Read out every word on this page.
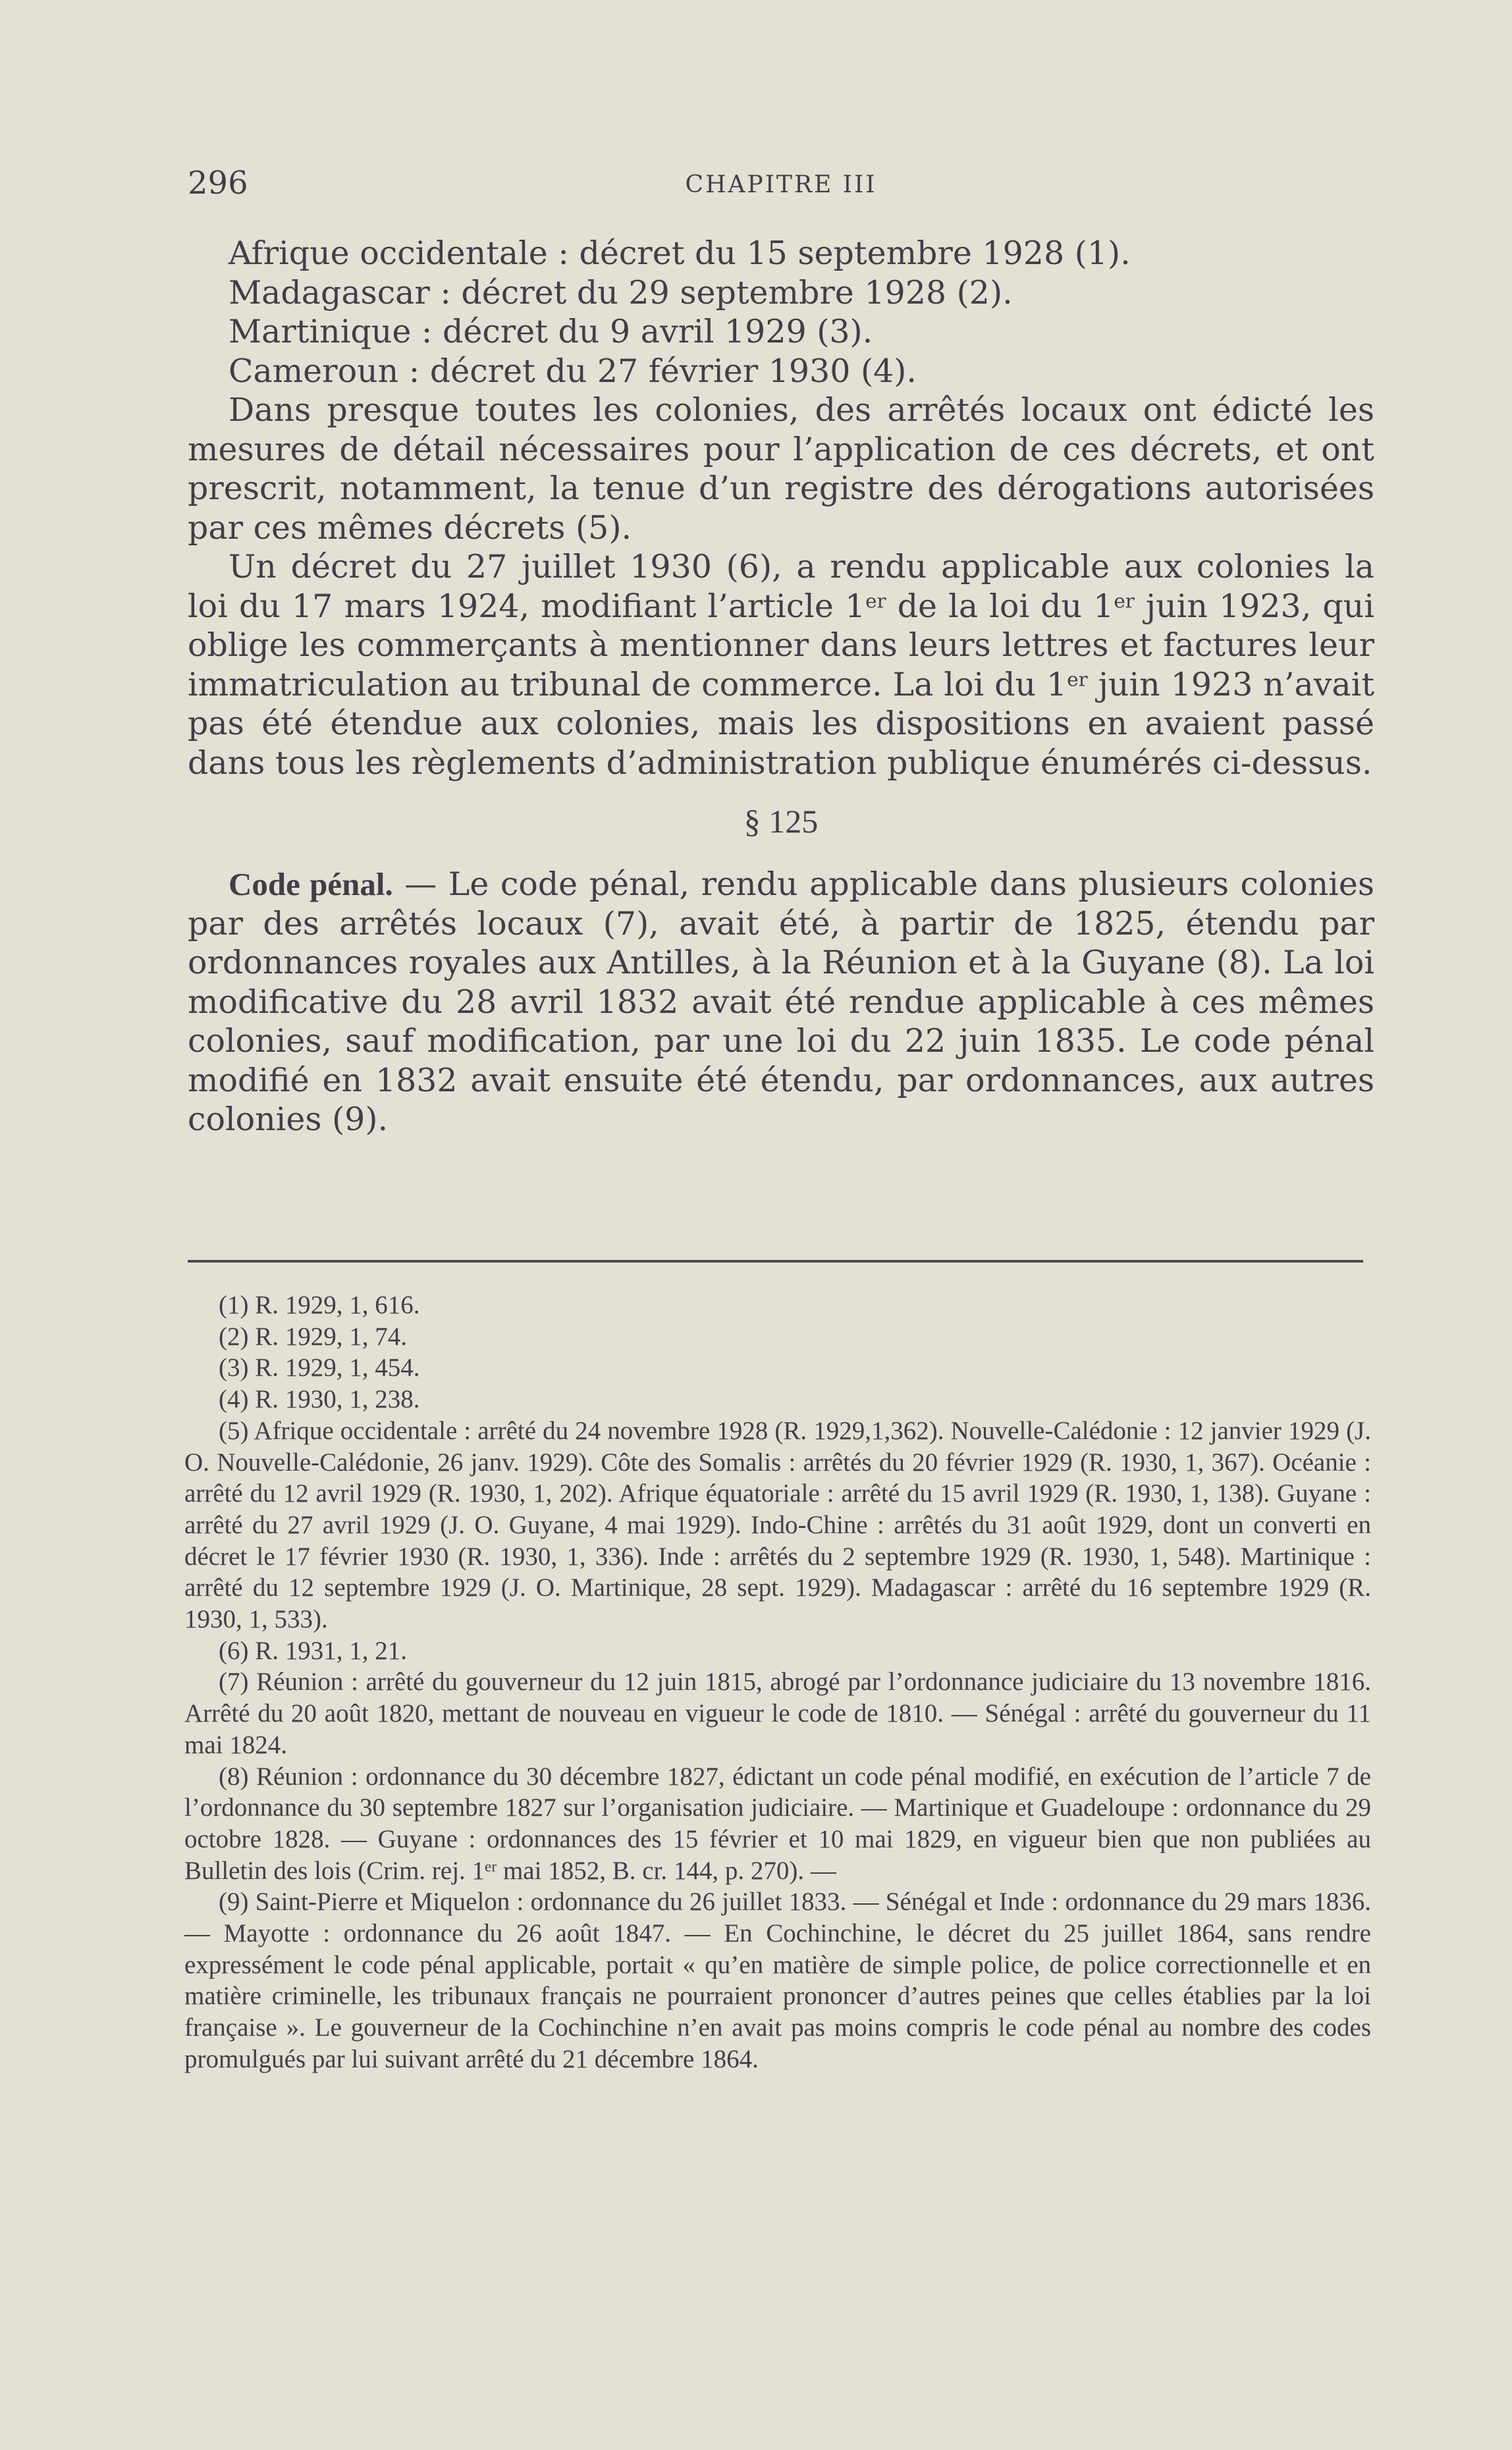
296	CHAPITRE III

Afrique occidentale : décret du 15 septembre 1928 (1).

Madagascar : décret du 29 septembre 1928 (2).

Martinique : décret du 9 avril 1929 (3).

Cameroun : décret du 27 février 1930 (4).

Dans presque toutes les colonies, des arrêtés locaux ont édicté les mesures de détail nécessaires pour l’application de ces décrets, et ont prescrit, notamment, la tenue d’un registre des dérogations autorisées par ces mêmes décrets (5).

Un décret du 27 juillet 1930 (6), a rendu applicable aux colonies la loi du 17 mars 1924, modifiant l’article 1er de la loi du 1er juin 1923, qui oblige les commerçants à mentionner dans leurs lettres et factures leur immatriculation au tribunal de commerce. La loi du 1er juin 1923 n’avait pas été étendue aux colonies, mais les dispositions en avaient passé dans tous les règlements d’administration publique énumérés ci-dessus.

§ 125

Code pénal. — Le code pénal, rendu applicable dans plusieurs colonies par des arrêtés locaux (7), avait été, à partir de 1825, étendu par ordonnances royales aux Antilles, à la Réunion et à la Guyane (8). La loi modificative du 28 avril 1832 avait été rendue applicable à ces mêmes colonies, sauf modification, par une loi du 22 juin 1835. Le code pénal modifié en 1832 avait ensuite été étendu, par ordonnances, aux autres colonies (9).

(1) R. 1929, 1, 616.

(2) R. 1929, 1, 74.

(3) R. 1929, 1, 454.

(4) R. 1930, 1, 238.

(5) Afrique occidentale : arrêté du 24 novembre 1928 (R. 1929,1,362). Nouvelle-Calédonie : 12 janvier 1929 (J. O. Nouvelle-Calédonie, 26 janv. 1929). Côte des Somalis : arrêtés du 20 février 1929 (R. 1930, 1, 367). Océanie : arrêté du 12 avril 1929 (R. 1930, 1, 202). Afrique équatoriale : arrêté du 15 avril 1929 (R. 1930, 1, 138). Guyane : arrêté du 27 avril 1929 (J. O. Guyane, 4 mai 1929). Indo-Chine : arrêtés du 31 août 1929, dont un converti en décret le 17 février 1930 (R. 1930, 1, 336). Inde : arrêtés du 2 septembre 1929 (R. 1930, 1, 548). Martinique : arrêté du 12 septembre 1929 (J. O. Martinique, 28 sept. 1929). Madagascar : arrêté du 16 septembre 1929 (R. 1930, 1, 533).

(6) R. 1931, 1, 21.

(7) Réunion : arrêté du gouverneur du 12 juin 1815, abrogé par l’ordonnance judiciaire du 13 novembre 1816. Arrêté du 20 août 1820, mettant de nouveau en vigueur le code de 1810. — Sénégal : arrêté du gouverneur du 11 mai 1824.

(8) Réunion : ordonnance du 30 décembre 1827, édictant un code pénal modifié, en exécution de l’article 7 de l’ordonnance du 30 septembre 1827 sur l’organisation judiciaire. — Martinique et Guadeloupe : ordonnance du 29 octobre 1828. — Guyane : ordonnances des 15 février et 10 mai 1829, en vigueur bien que non publiées au Bulletin des lois (Crim. rej. 1er mai 1852, B. cr. 144, p. 270). —

(9) Saint-Pierre et Miquelon : ordonnance du 26 juillet 1833. — Sénégal et Inde : ordonnance du 29 mars 1836. — Mayotte : ordonnance du 26 août 1847. — En Cochinchine, le décret du 25 juillet 1864, sans rendre expressément le code pénal applicable, portait « qu’en matière de simple police, de police correctionnelle et en matière criminelle, les tribunaux français ne pourraient prononcer d’autres peines que celles établies par la loi française ». Le gouverneur de la Cochinchine n’en avait pas moins compris le code pénal au nombre des codes promulgués par lui suivant arrêté du 21 décembre 1864.
